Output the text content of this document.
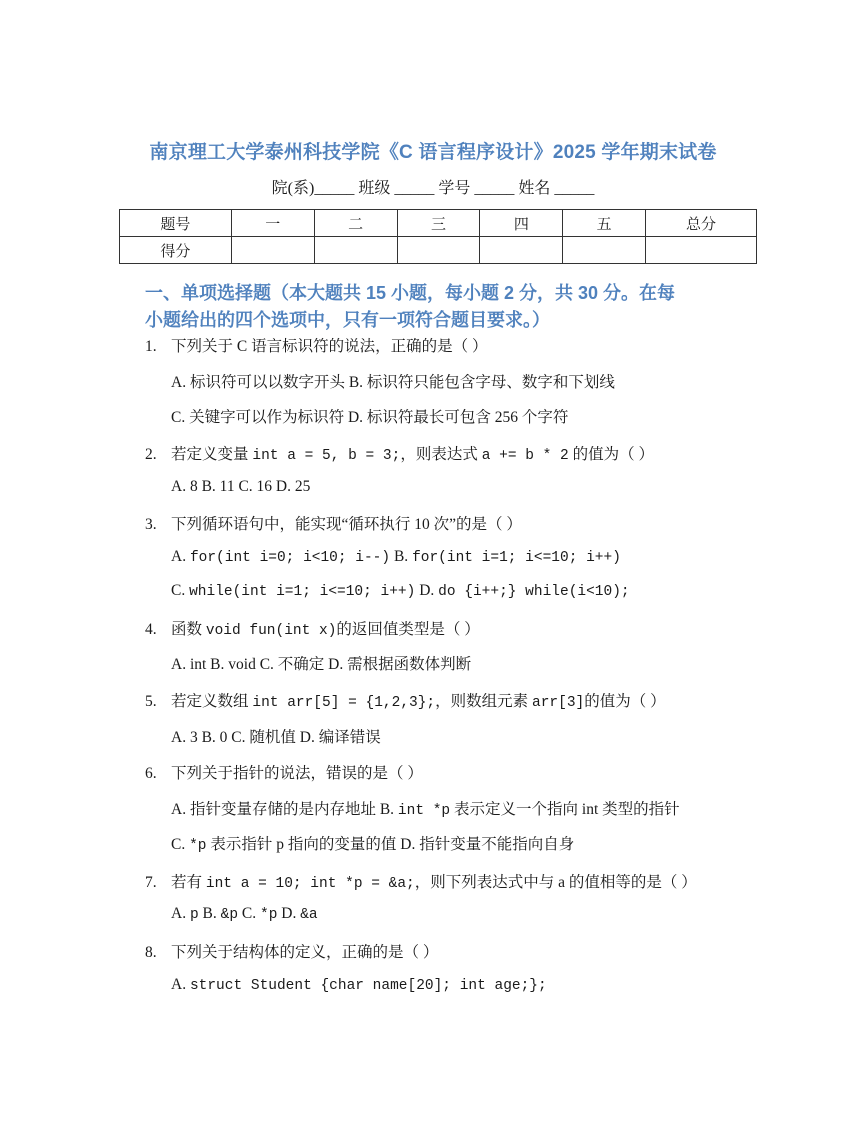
南京理工大学泰州科技学院《C 语言程序设计》2025 学年期末试卷
院(系)_____ 班级 _____ 学号 _____ 姓名 _____
题号	一	二	三	四	五	总分
得分						
一、单项选择题（本大题共 15 小题，每小题 2 分，共 30 分。在每
小题给出的四个选项中，只有一项符合题目要求。）
1. 下列关于 C 语言标识符的说法，正确的是（ ）
A. 标识符可以以数字开头 B. 标识符只能包含字母、数字和下划线
C. 关键字可以作为标识符 D. 标识符最长可包含 256 个字符
2. 若定义变量 int a = 5, b = 3;，则表达式 a += b * 2 的值为（ ）
A. 8 B. 11 C. 16 D. 25
3. 下列循环语句中，能实现“循环执行 10 次”的是（ ）
A. for(int i=0; i<10; i--) B. for(int i=1; i<=10; i++)
C. while(int i=1; i<=10; i++) D. do {i++;} while(i<10);
4. 函数 void fun(int x)的返回值类型是（ ）
A. int B. void C. 不确定 D. 需根据函数体判断
5. 若定义数组 int arr[5] = {1,2,3};，则数组元素 arr[3]的值为（ ）
A. 3 B. 0 C. 随机值 D. 编译错误
6. 下列关于指针的说法，错误的是（ ）
A. 指针变量存储的是内存地址 B. int *p 表示定义一个指向 int 类型的指针
C. *p 表示指针 p 指向的变量的值 D. 指针变量不能指向自身
7. 若有 int a = 10; int *p = &a;，则下列表达式中与 a 的值相等的是（ ）
A. p B. &p C. *p D. &a
8. 下列关于结构体的定义，正确的是（ ）
A. struct Student {char name[20]; int age;};
